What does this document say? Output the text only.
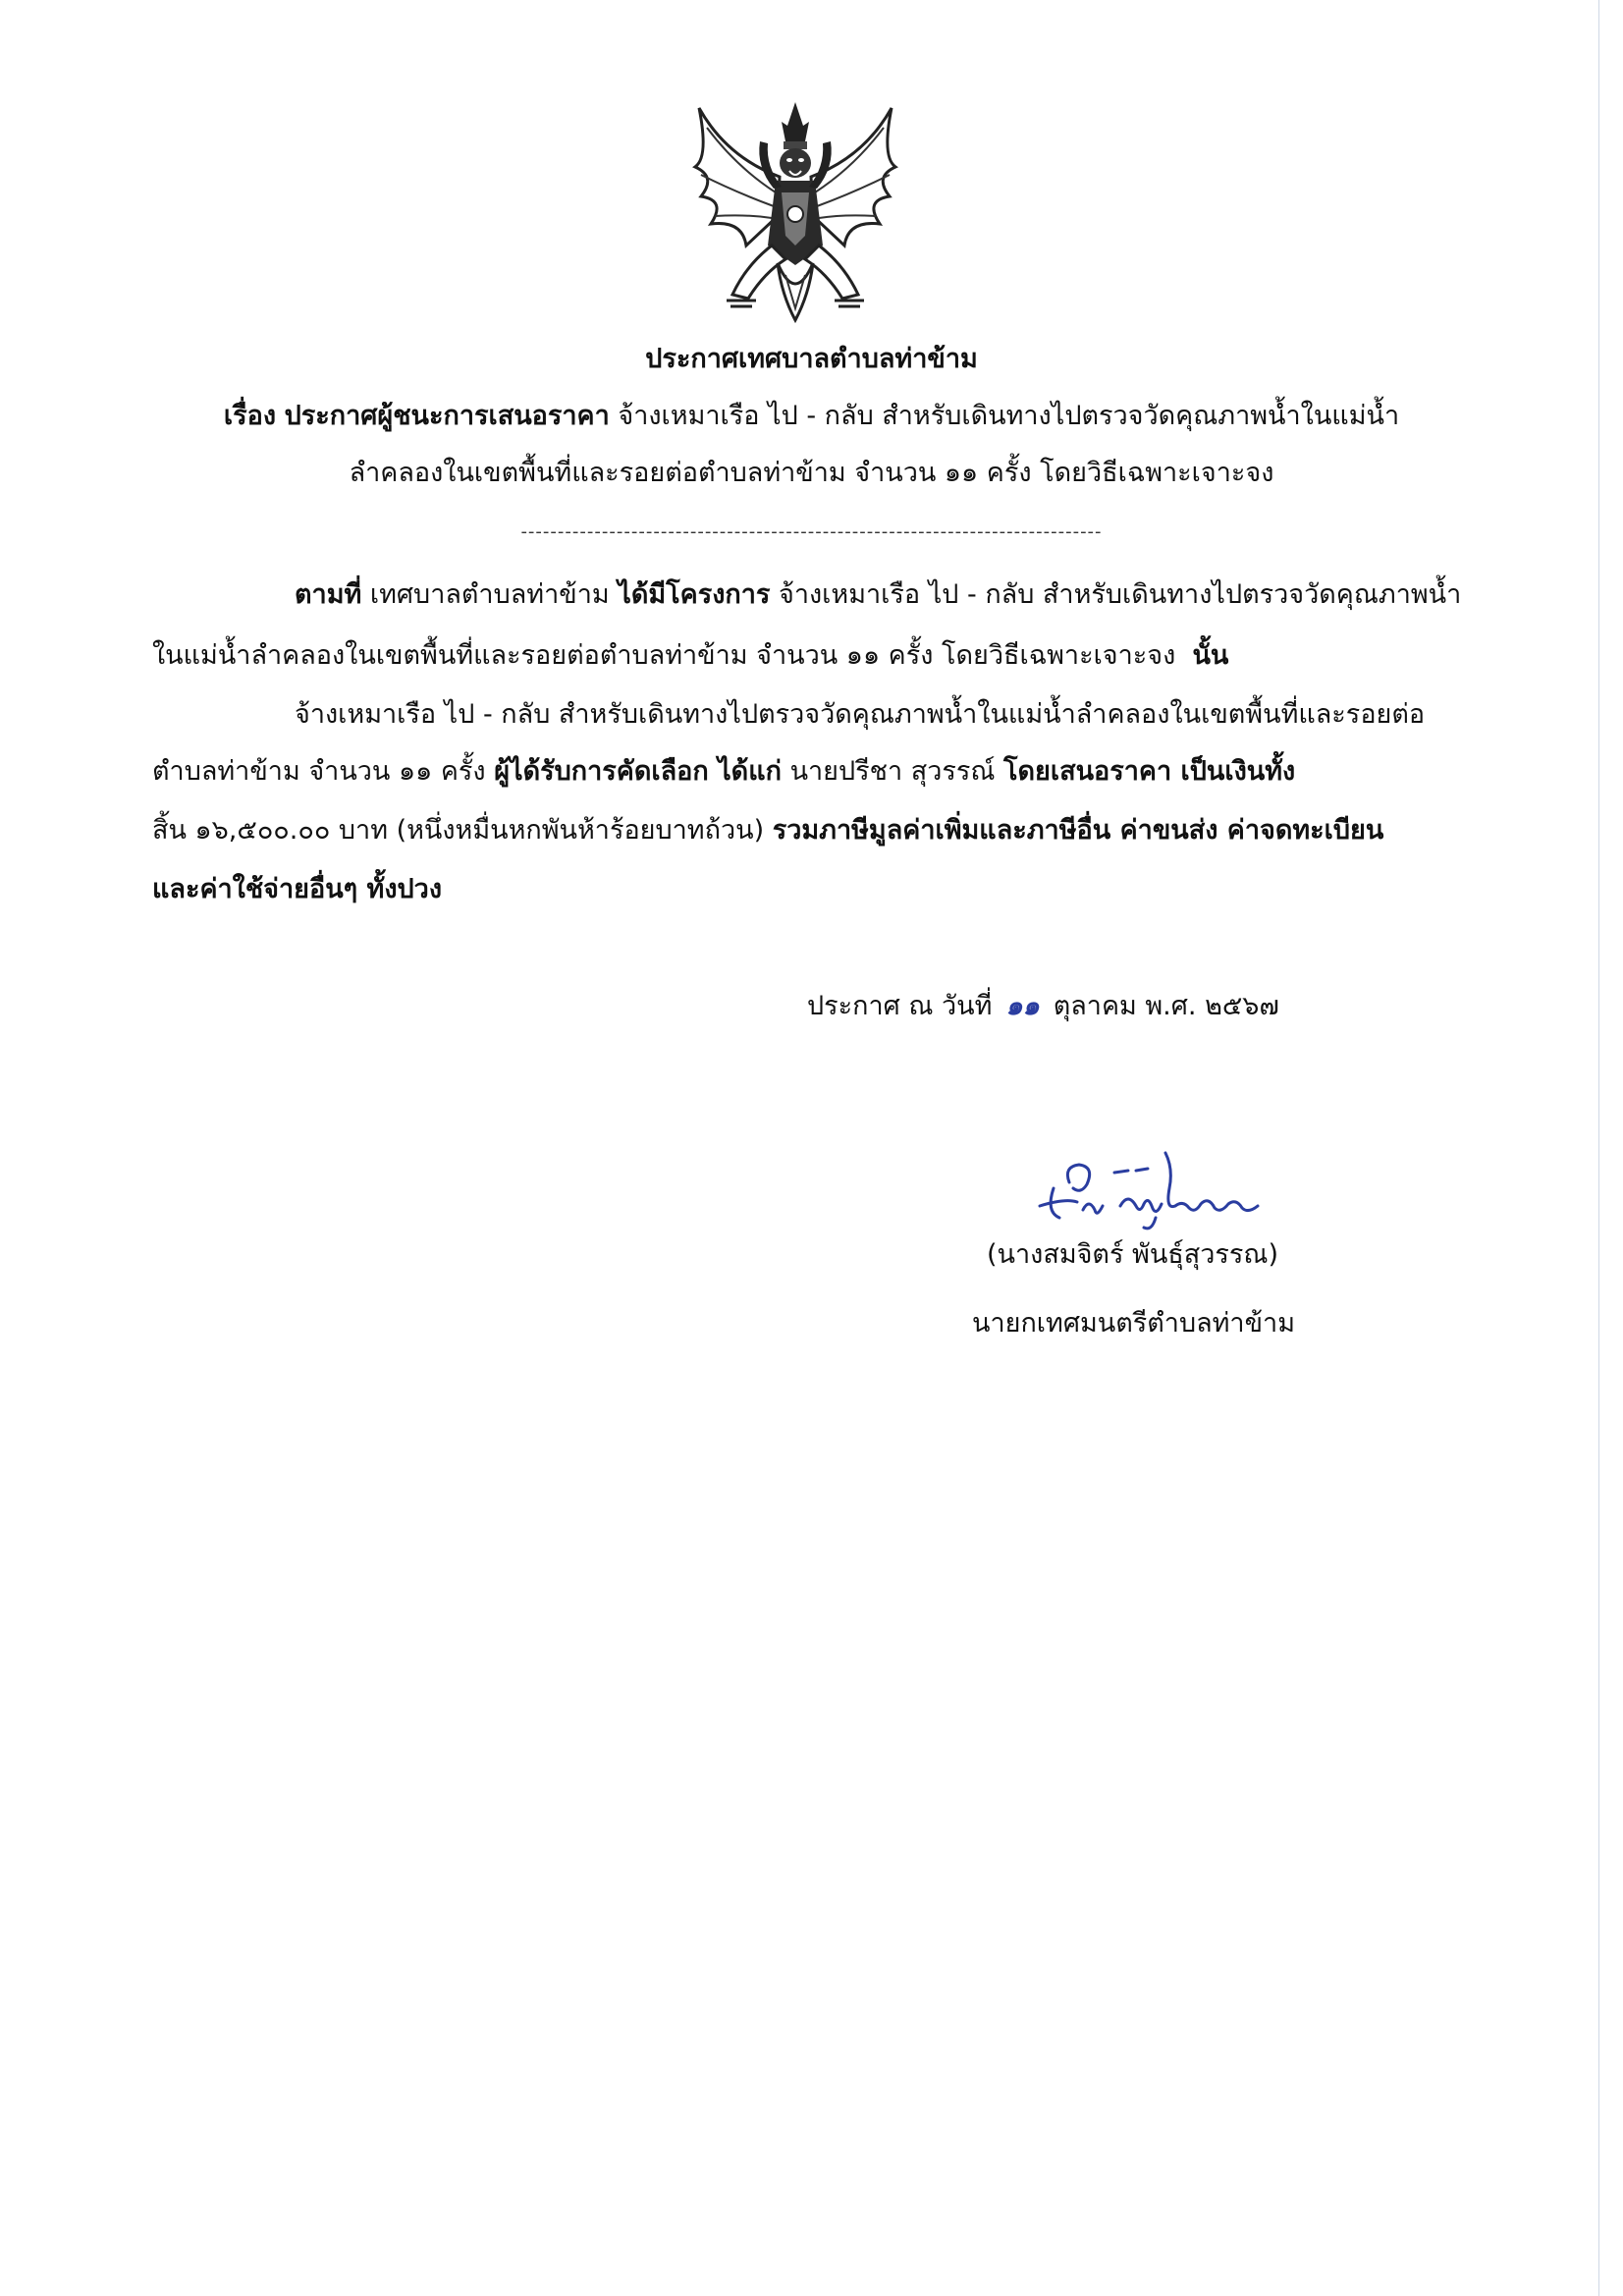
ประกาศเทศบาลตำบลท่าข้าม
เรื่อง ประกาศผู้ชนะการเสนอราคา จ้างเหมาเรือ ไป - กลับ สำหรับเดินทางไปตรวจวัดคุณภาพน้ำในแม่น้ำ
ลำคลองในเขตพื้นที่และรอยต่อตำบลท่าข้าม จำนวน ๑๑ ครั้ง โดยวิธีเฉพาะเจาะจง
-------------------------------------------------------------------------------
ตามที่ เทศบาลตำบลท่าข้าม ได้มีโครงการ จ้างเหมาเรือ ไป - กลับ สำหรับเดินทางไปตรวจวัดคุณภาพน้ำ
ในแม่น้ำลำคลองในเขตพื้นที่และรอยต่อตำบลท่าข้าม จำนวน ๑๑ ครั้ง โดยวิธีเฉพาะเจาะจง นั้น
จ้างเหมาเรือ ไป - กลับ สำหรับเดินทางไปตรวจวัดคุณภาพน้ำในแม่น้ำลำคลองในเขตพื้นที่และรอยต่อ
ตำบลท่าข้าม จำนวน ๑๑ ครั้ง ผู้ได้รับการคัดเลือก ได้แก่ นายปรีชา สุวรรณ์ โดยเสนอราคา เป็นเงินทั้ง
สิ้น ๑๖,๕๐๐.๐๐ บาท (หนึ่งหมื่นหกพันห้าร้อยบาทถ้วน) รวมภาษีมูลค่าเพิ่มและภาษีอื่น ค่าขนส่ง ค่าจดทะเบียน
และค่าใช้จ่ายอื่นๆ ทั้งปวง
ประกาศ ณ วันที่ ๑๑ ตุลาคม พ.ศ. ๒๕๖๗
(นางสมจิตร์ พันธุ์สุวรรณ)
นายกเทศมนตรีตำบลท่าข้าม
